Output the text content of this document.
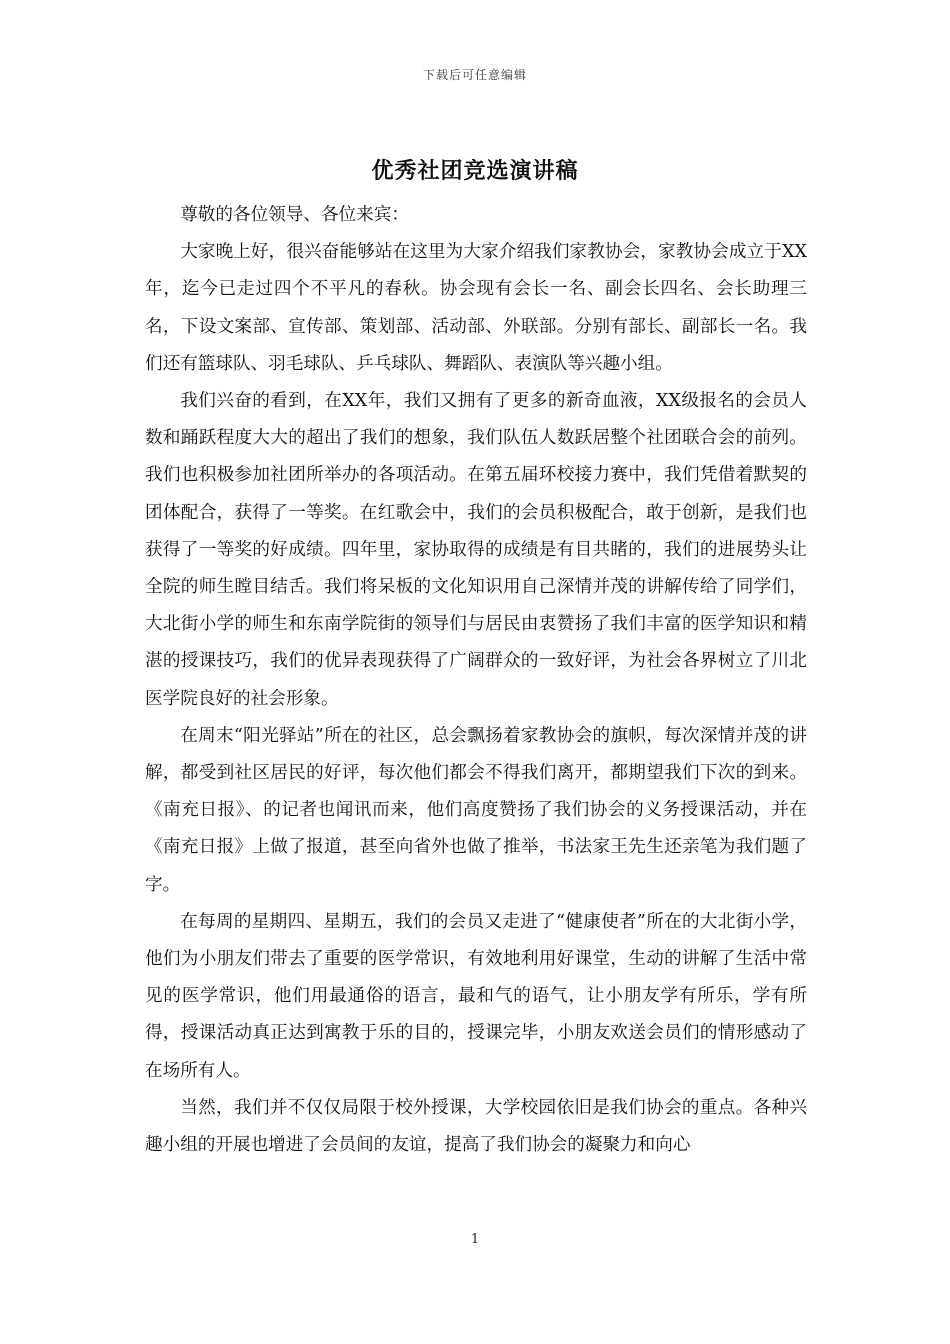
下载后可任意编辑
优秀社团竞选演讲稿

尊敬的各位领导、各位来宾：

大家晚上好，很兴奋能够站在这里为大家介绍我们家教协会，家教协会成立于XX年，迄今已走过四个不平凡的春秋。协会现有会长一名、副会长四名、会长助理三名，下设文案部、宣传部、策划部、活动部、外联部。分别有部长、副部长一名。我们还有篮球队、羽毛球队、乒乓球队、舞蹈队、表演队等兴趣小组。

我们兴奋的看到，在XX年，我们又拥有了更多的新奇血液，XX级报名的会员人数和踊跃程度大大的超出了我们的想象，我们队伍人数跃居整个社团联合会的前列。我们也积极参加社团所举办的各项活动。在第五届环校接力赛中，我们凭借着默契的团体配合，获得了一等奖。在红歌会中，我们的会员积极配合，敢于创新，是我们也获得了一等奖的好成绩。四年里，家协取得的成绩是有目共睹的，我们的进展势头让全院的师生瞠目结舌。我们将呆板的文化知识用自己深情并茂的讲解传给了同学们，大北街小学的师生和东南学院街的领导们与居民由衷赞扬了我们丰富的医学知识和精湛的授课技巧，我们的优异表现获得了广阔群众的一致好评，为社会各界树立了川北医学院良好的社会形象。

在周末“阳光驿站”所在的社区，总会飘扬着家教协会的旗帜，每次深情并茂的讲解，都受到社区居民的好评，每次他们都会不得我们离开，都期望我们下次的到来。《南充日报》、的记者也闻讯而来，他们高度赞扬了我们协会的义务授课活动，并在《南充日报》上做了报道，甚至向省外也做了推举，书法家王先生还亲笔为我们题了字。

在每周的星期四、星期五，我们的会员又走进了“健康使者”所在的大北街小学，他们为小朋友们带去了重要的医学常识，有效地利用好课堂，生动的讲解了生活中常见的医学常识，他们用最通俗的语言，最和气的语气，让小朋友学有所乐，学有所得，授课活动真正达到寓教于乐的目的，授课完毕，小朋友欢送会员们的情形感动了在场所有人。

当然，我们并不仅仅局限于校外授课，大学校园依旧是我们协会的重点。各种兴趣小组的开展也增进了会员间的友谊，提高了我们协会的凝聚力和向心

1
